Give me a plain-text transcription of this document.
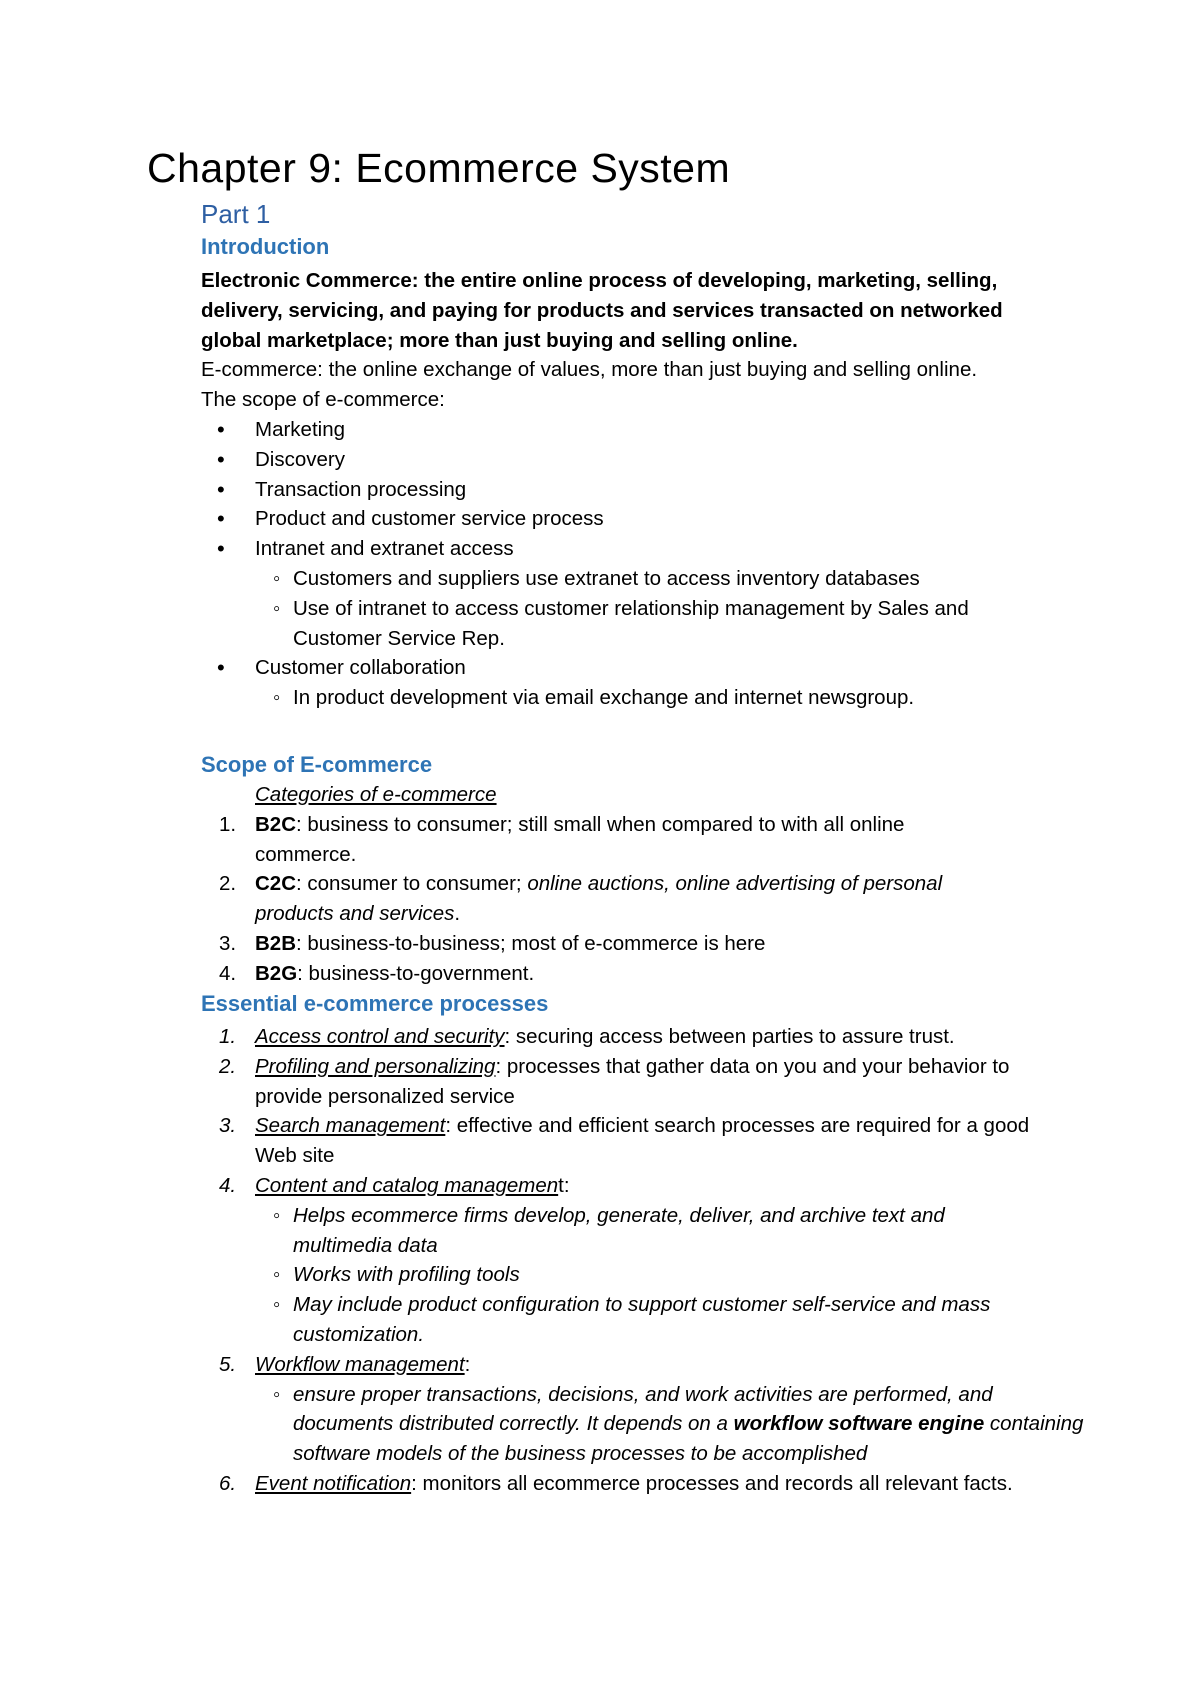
Chapter 9: Ecommerce System
Part 1
Introduction
Electronic Commerce: the entire online process of developing, marketing, selling, delivery, servicing, and paying for products and services transacted on networked global marketplace; more than just buying and selling online.
E-commerce: the online exchange of values, more than just buying and selling online.
The scope of e-commerce:
• Marketing
• Discovery
• Transaction processing
• Product and customer service process
• Intranet and extranet access
◦ Customers and suppliers use extranet to access inventory databases
◦ Use of intranet to access customer relationship management by Sales and Customer Service Rep.
• Customer collaboration
◦ In product development via email exchange and internet newsgroup.
Scope of E-commerce
Categories of e-commerce
1. B2C: business to consumer; still small when compared to with all online commerce.
2. C2C: consumer to consumer; online auctions, online advertising of personal products and services.
3. B2B: business-to-business; most of e-commerce is here
4. B2G: business-to-government.
Essential e-commerce processes
1. Access control and security: securing access between parties to assure trust.
2. Profiling and personalizing: processes that gather data on you and your behavior to provide personalized service
3. Search management: effective and efficient search processes are required for a good Web site
4. Content and catalog management:
◦ Helps ecommerce firms develop, generate, deliver, and archive text and multimedia data
◦ Works with profiling tools
◦ May include product configuration to support customer self-service and mass customization.
5. Workflow management:
◦ ensure proper transactions, decisions, and work activities are performed, and documents distributed correctly. It depends on a workflow software engine containing software models of the business processes to be accomplished
6. Event notification: monitors all ecommerce processes and records all relevant facts.
